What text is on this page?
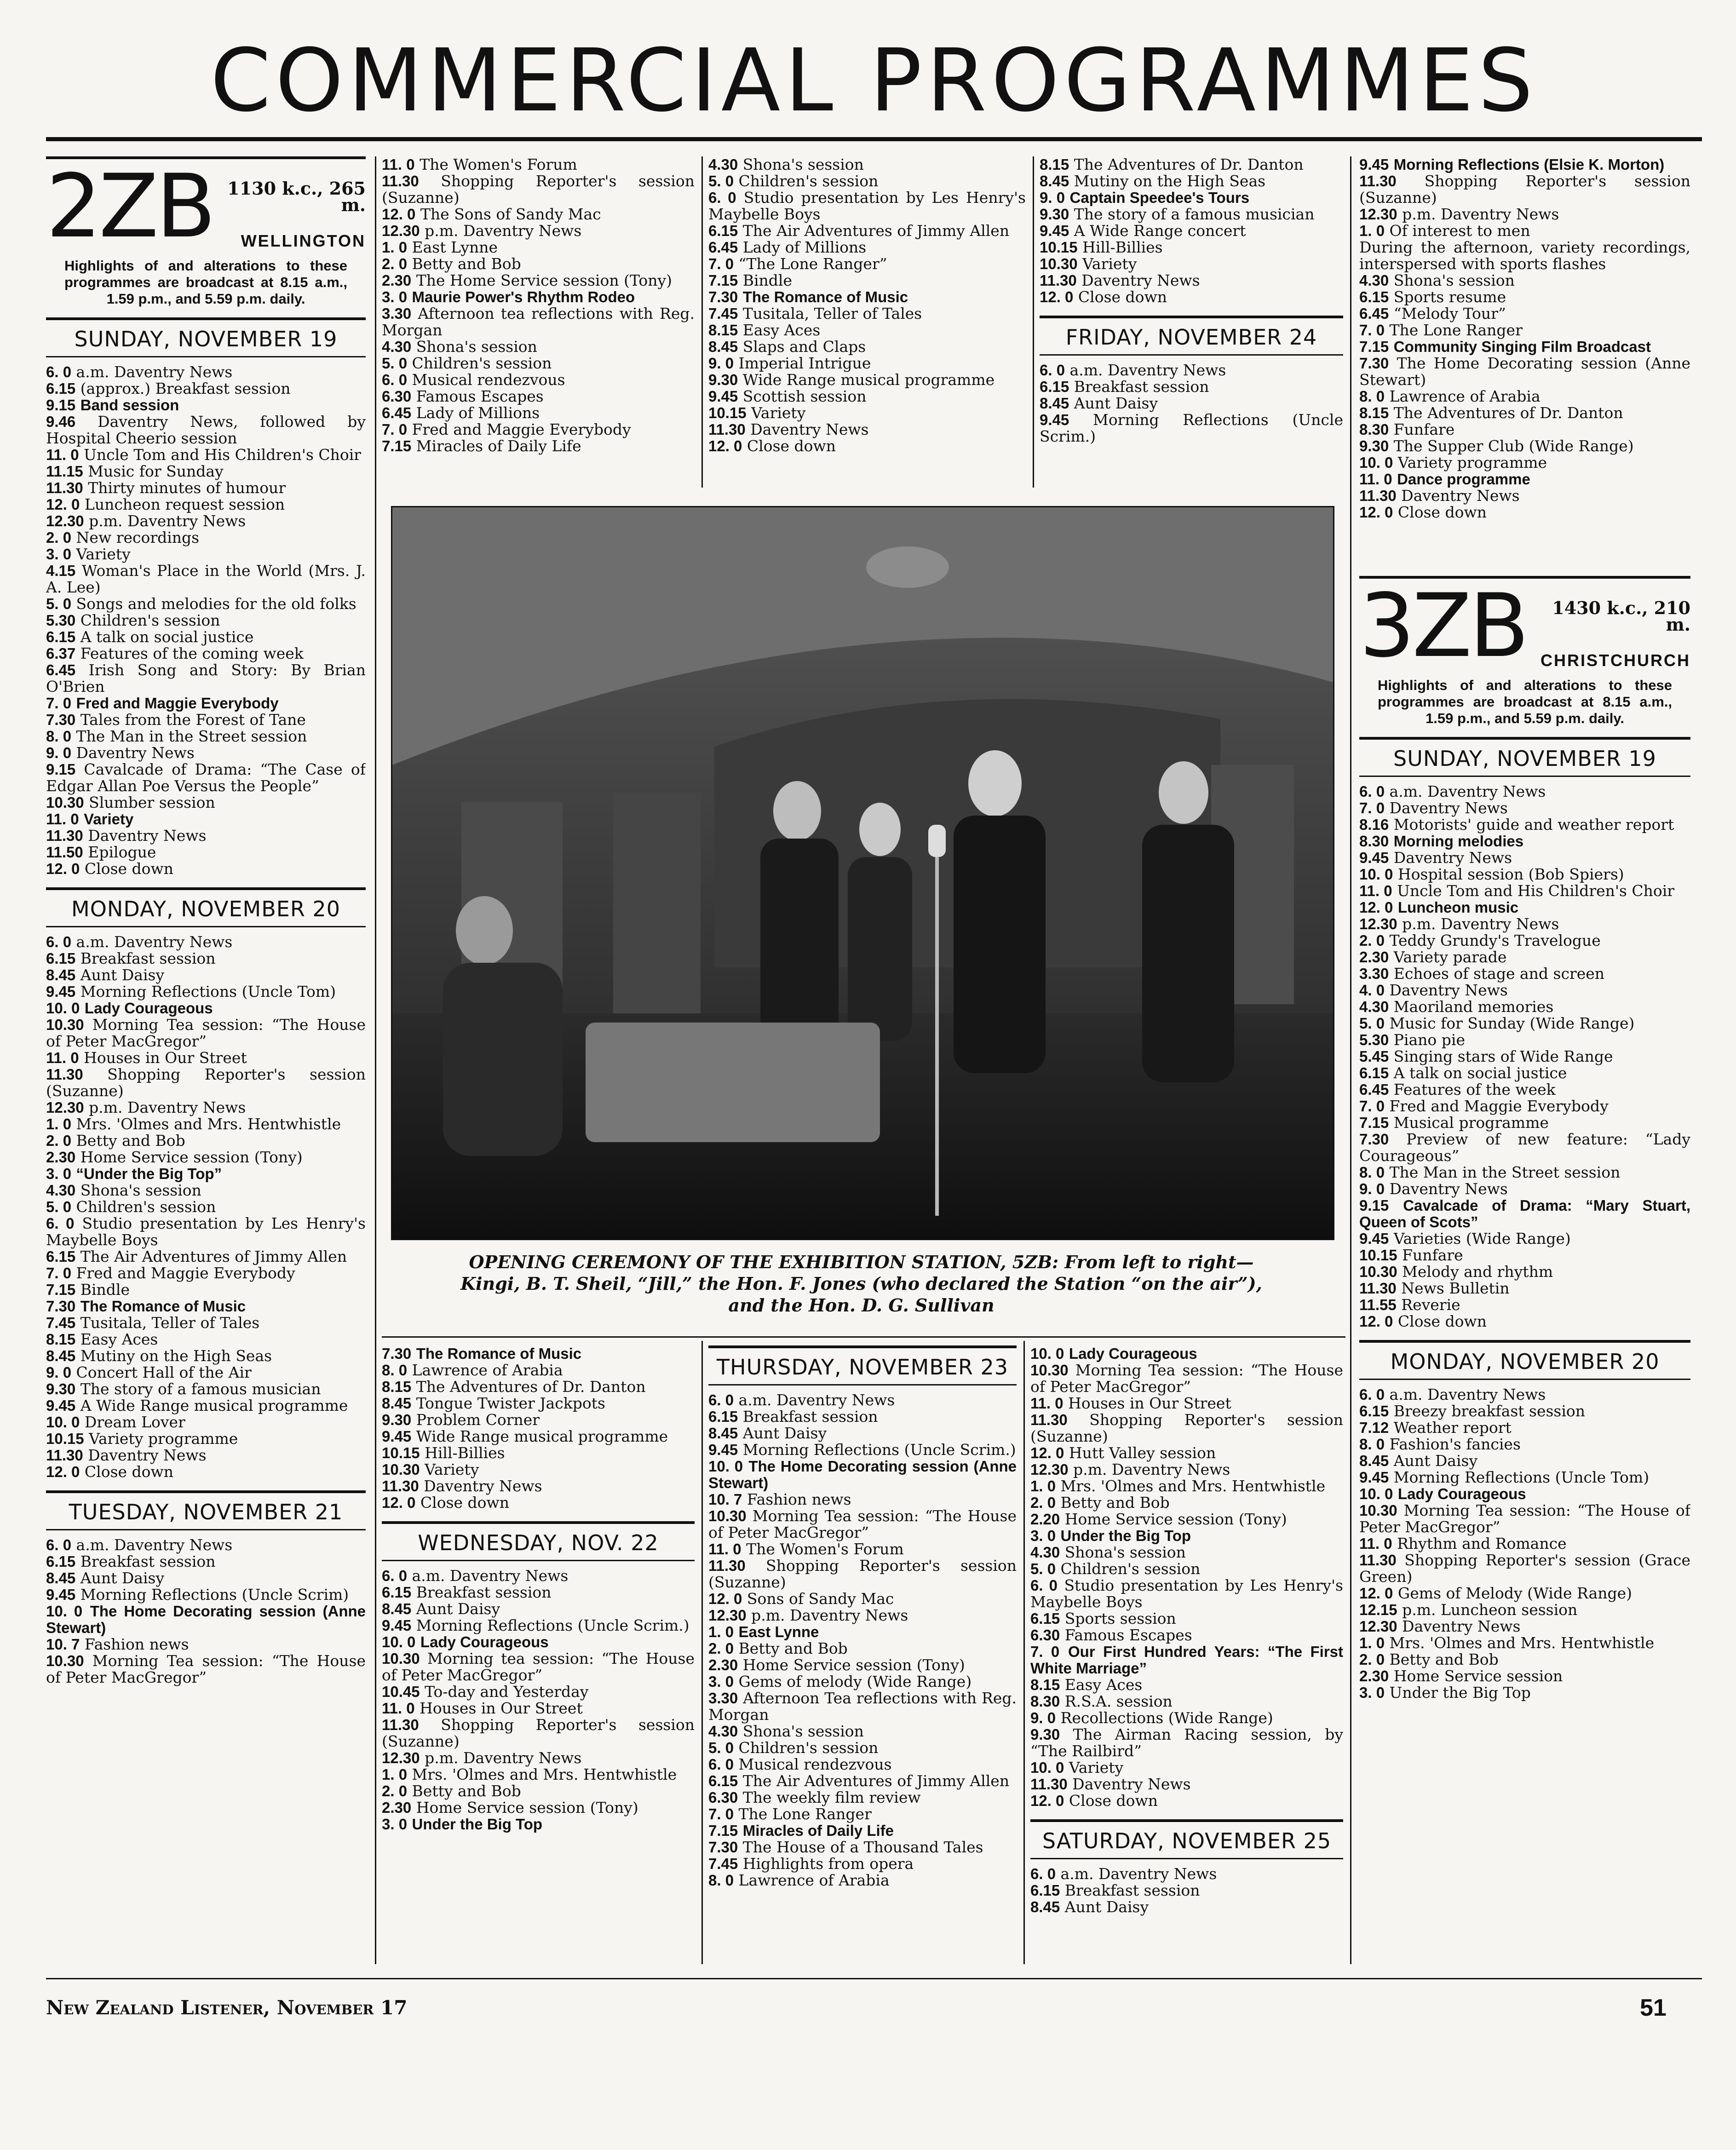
COMMERCIAL PROGRAMMES
2ZB 1130 k.c., 265 m.
WELLINGTON
Highlights of and alterations to these programmes are broadcast at 8.15 a.m., 1.59 p.m., and 5.59 p.m. daily.
SUNDAY, NOVEMBER 19

6. 0 a.m. Daventry News

6.15 (approx.) Breakfast session

9.15 Band session

9.46 Daventry News, followed by Hospital Cheerio session

11. 0 Uncle Tom and His Children's Choir

11.15 Music for Sunday

11.30 Thirty minutes of humour

12. 0 Luncheon request session

12.30 p.m. Daventry News

2. 0 New recordings

3. 0 Variety

4.15 Woman's Place in the World (Mrs. J. A. Lee)

5. 0 Songs and melodies for the old folks

5.30 Children's session

6.15 A talk on social justice

6.37 Features of the coming week

6.45 Irish Song and Story: By Brian O'Brien

7. 0 Fred and Maggie Everybody

7.30 Tales from the Forest of Tane

8. 0 The Man in the Street session

9. 0 Daventry News

9.15 Cavalcade of Drama: “The Case of Edgar Allan Poe Versus the People”

10.30 Slumber session

11. 0 Variety

11.30 Daventry News

11.50 Epilogue

12. 0 Close down

MONDAY, NOVEMBER 20

6. 0 a.m. Daventry News

6.15 Breakfast session

8.45 Aunt Daisy

9.45 Morning Reflections (Uncle Tom)

10. 0 Lady Courageous

10.30 Morning Tea session: “The House of Peter MacGregor”

11. 0 Houses in Our Street

11.30 Shopping Reporter's session (Suzanne)

12.30 p.m. Daventry News

1. 0 Mrs. 'Olmes and Mrs. Hentwhistle

2. 0 Betty and Bob

2.30 Home Service session (Tony)

3. 0 “Under the Big Top”

4.30 Shona's session

5. 0 Children's session

6. 0 Studio presentation by Les Henry's Maybelle Boys

6.15 The Air Adventures of Jimmy Allen

7. 0 Fred and Maggie Everybody

7.15 Bindle

7.30 The Romance of Music

7.45 Tusitala, Teller of Tales

8.15 Easy Aces

8.45 Mutiny on the High Seas

9. 0 Concert Hall of the Air

9.30 The story of a famous musician

9.45 A Wide Range musical programme

10. 0 Dream Lover

10.15 Variety programme

11.30 Daventry News

12. 0 Close down

TUESDAY, NOVEMBER 21

6. 0 a.m. Daventry News

6.15 Breakfast session

8.45 Aunt Daisy

9.45 Morning Reflections (Uncle Scrim)

10. 0 The Home Decorating session (Anne Stewart)

10. 7 Fashion news

10.30 Morning Tea session: “The House of Peter MacGregor”

11. 0 The Women's Forum

11.30 Shopping Reporter's session (Suzanne)

12. 0 The Sons of Sandy Mac

12.30 p.m. Daventry News

1. 0 East Lynne

2. 0 Betty and Bob

2.30 The Home Service session (Tony)

3. 0 Maurie Power's Rhythm Rodeo

3.30 Afternoon tea reflections with Reg. Morgan

4.30 Shona's session

5. 0 Children's session

6. 0 Musical rendezvous

6.30 Famous Escapes

6.45 Lady of Millions

7. 0 Fred and Maggie Everybody

7.15 Miracles of Daily Life

4.30 Shona's session

5. 0 Children's session

6. 0 Studio presentation by Les Henry's Maybelle Boys

6.15 The Air Adventures of Jimmy Allen

6.45 Lady of Millions

7. 0 “The Lone Ranger”

7.15 Bindle

7.30 The Romance of Music

7.45 Tusitala, Teller of Tales

8.15 Easy Aces

8.45 Slaps and Claps

9. 0 Imperial Intrigue

9.30 Wide Range musical programme

9.45 Scottish session

10.15 Variety

11.30 Daventry News

12. 0 Close down

8.15 The Adventures of Dr. Danton

8.45 Mutiny on the High Seas

9. 0 Captain Speedee's Tours

9.30 The story of a famous musician

9.45 A Wide Range concert

10.15 Hill-Billies

10.30 Variety

11.30 Daventry News

12. 0 Close down

FRIDAY, NOVEMBER 24

6. 0 a.m. Daventry News

6.15 Breakfast session

8.45 Aunt Daisy

9.45 Morning Reflections (Uncle Scrim.)

OPENING CEREMONY OF THE EXHIBITION STATION, 5ZB: From left to right—
Kingi, B. T. Sheil, “Jill,” the Hon. F. Jones (who declared the Station “on the air”),
and the Hon. D. G. Sullivan

7.30 The Romance of Music

8. 0 Lawrence of Arabia

8.15 The Adventures of Dr. Danton

8.45 Tongue Twister Jackpots

9.30 Problem Corner

9.45 Wide Range musical programme

10.15 Hill-Billies

10.30 Variety

11.30 Daventry News

12. 0 Close down

WEDNESDAY, NOV. 22

6. 0 a.m. Daventry News

6.15 Breakfast session

8.45 Aunt Daisy

9.45 Morning Reflections (Uncle Scrim.)

10. 0 Lady Courageous

10.30 Morning tea session: “The House of Peter MacGregor”

10.45 To-day and Yesterday

11. 0 Houses in Our Street

11.30 Shopping Reporter's session (Suzanne)

12.30 p.m. Daventry News

1. 0 Mrs. 'Olmes and Mrs. Hentwhistle

2. 0 Betty and Bob

2.30 Home Service session (Tony)

3. 0 Under the Big Top

THURSDAY, NOVEMBER 23

6. 0 a.m. Daventry News

6.15 Breakfast session

8.45 Aunt Daisy

9.45 Morning Reflections (Uncle Scrim.)

10. 0 The Home Decorating session (Anne Stewart)

10. 7 Fashion news

10.30 Morning Tea session: “The House of Peter MacGregor”

11. 0 The Women's Forum

11.30 Shopping Reporter's session (Suzanne)

12. 0 Sons of Sandy Mac

12.30 p.m. Daventry News

1. 0 East Lynne

2. 0 Betty and Bob

2.30 Home Service session (Tony)

3. 0 Gems of melody (Wide Range)

3.30 Afternoon Tea reflections with Reg. Morgan

4.30 Shona's session

5. 0 Children's session

6. 0 Musical rendezvous

6.15 The Air Adventures of Jimmy Allen

6.30 The weekly film review

7. 0 The Lone Ranger

7.15 Miracles of Daily Life

7.30 The House of a Thousand Tales

7.45 Highlights from opera

8. 0 Lawrence of Arabia

10. 0 Lady Courageous

10.30 Morning Tea session: “The House of Peter MacGregor”

11. 0 Houses in Our Street

11.30 Shopping Reporter's session (Suzanne)

12. 0 Hutt Valley session

12.30 p.m. Daventry News

1. 0 Mrs. 'Olmes and Mrs. Hentwhistle

2. 0 Betty and Bob

2.20 Home Service session (Tony)

3. 0 Under the Big Top

4.30 Shona's session

5. 0 Children's session

6. 0 Studio presentation by Les Henry's Maybelle Boys

6.15 Sports session

6.30 Famous Escapes

7. 0 Our First Hundred Years: “The First White Marriage”

8.15 Easy Aces

8.30 R.S.A. session

9. 0 Recollections (Wide Range)

9.30 The Airman Racing session, by “The Railbird”

10. 0 Variety

11.30 Daventry News

12. 0 Close down

SATURDAY, NOVEMBER 25

6. 0 a.m. Daventry News

6.15 Breakfast session

8.45 Aunt Daisy

9.45 Morning Reflections (Elsie K. Morton)

11.30 Shopping Reporter's session (Suzanne)

12.30 p.m. Daventry News

1. 0 Of interest to men

During the afternoon, variety recordings, interspersed with sports flashes

4.30 Shona's session

6.15 Sports resume

6.45 “Melody Tour”

7. 0 The Lone Ranger

7.15 Community Singing Film Broadcast

7.30 The Home Decorating session (Anne Stewart)

8. 0 Lawrence of Arabia

8.15 The Adventures of Dr. Danton

8.30 Funfare

9.30 The Supper Club (Wide Range)

10. 0 Variety programme

11. 0 Dance programme

11.30 Daventry News

12. 0 Close down

3ZB	1430 k.c., 210 m.
CHRISTCHURCH
Highlights of and alterations to these programmes are broadcast at 8.15 a.m., 1.59 p.m., and 5.59 p.m. daily.
SUNDAY, NOVEMBER 19

6. 0 a.m. Daventry News

7. 0 Daventry News

8.16 Motorists' guide and weather report

8.30 Morning melodies

9.45 Daventry News

10. 0 Hospital session (Bob Spiers)

11. 0 Uncle Tom and His Children's Choir

12. 0 Luncheon music

12.30 p.m. Daventry News

2. 0 Teddy Grundy's Travelogue

2.30 Variety parade

3.30 Echoes of stage and screen

4. 0 Daventry News

4.30 Maoriland memories

5. 0 Music for Sunday (Wide Range)

5.30 Piano pie

5.45 Singing stars of Wide Range

6.15 A talk on social justice

6.45 Features of the week

7. 0 Fred and Maggie Everybody

7.15 Musical programme

7.30 Preview of new feature: “Lady Courageous”

8. 0 The Man in the Street session

9. 0 Daventry News

9.15 Cavalcade of Drama: “Mary Stuart, Queen of Scots”

9.45 Varieties (Wide Range)

10.15 Funfare

10.30 Melody and rhythm

11.30 News Bulletin

11.55 Reverie

12. 0 Close down

MONDAY, NOVEMBER 20

6. 0 a.m. Daventry News

6.15 Breezy breakfast session

7.12 Weather report

8. 0 Fashion's fancies

8.45 Aunt Daisy

9.45 Morning Reflections (Uncle Tom)

10. 0 Lady Courageous

10.30 Morning Tea session: “The House of Peter MacGregor”

11. 0 Rhythm and Romance

11.30 Shopping Reporter's session (Grace Green)

12. 0 Gems of Melody (Wide Range)

12.15 p.m. Luncheon session

12.30 Daventry News

1. 0 Mrs. 'Olmes and Mrs. Hentwhistle

2. 0 Betty and Bob

2.30 Home Service session

3. 0 Under the Big Top

New Zealand Listener, November 17	51
